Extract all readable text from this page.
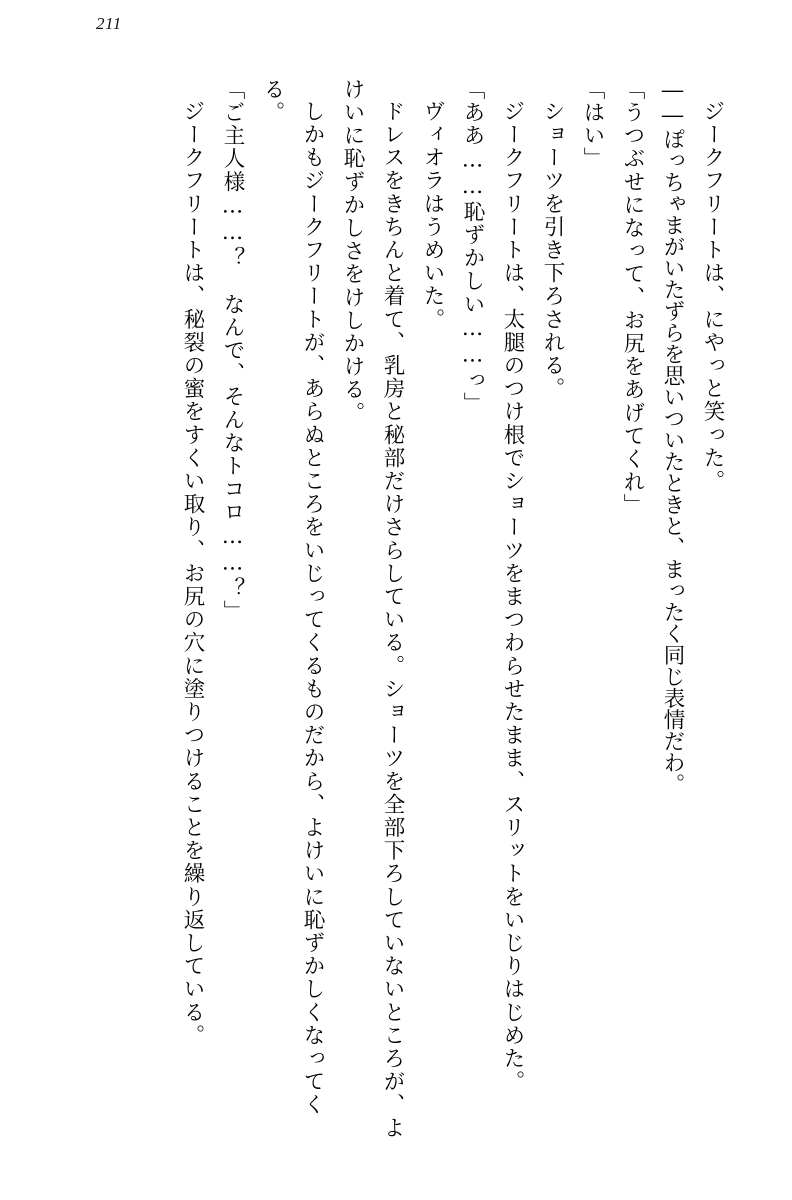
211

ジークフリートは、にやっと笑った。

――ぽっちゃまがいたずらを思いついたときと、まったく同じ表情だわ。

「うつぶせになって、お尻をあげてくれ」

「はい」

ショーツを引き下ろされる。

ジークフリートは、太腿のつけ根でショーツをまつわらせたまま、スリットをいじりはじめた。

「ああ……恥ずかしい……っ」

ヴィオラはうめいた。

ドレスをきちんと着て、乳房と秘部だけさらしている。ショーツを全部下ろしていないところが、よけいに恥ずかしさをけしかける。

しかもジークフリートが、あらぬところをいじってくるものだから、よけいに恥ずかしくなってくる。

「ご主人様……？　なんで、そんなトコロ……？」

ジークフリートは、秘裂の蜜をすくい取り、お尻の穴に塗りつけることを繰り返している。
